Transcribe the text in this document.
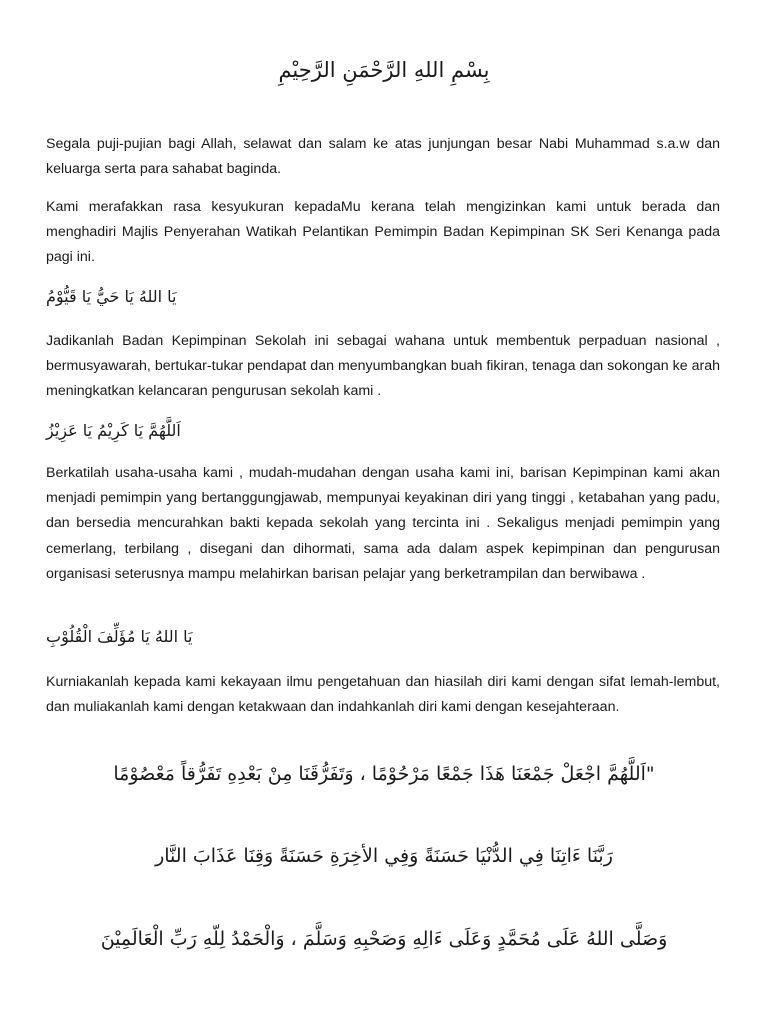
بِسْمِ اللهِ الرَّحْمَنِ الرَّحِيْمِ

Segala puji-pujian bagi Allah, selawat dan salam ke atas junjungan besar Nabi Muhammad s.a.w dan keluarga serta para sahabat baginda.

Kami merafakkan rasa kesyukuran kepadaMu kerana telah mengizinkan kami untuk berada dan menghadiri Majlis Penyerahan Watikah Pelantikan Pemimpin Badan Kepimpinan SK Seri Kenanga pada pagi ini.

يَا اللهُ يَا حَيُّ يَا قَيُّوْمُ

Jadikanlah Badan Kepimpinan Sekolah ini sebagai wahana untuk membentuk perpaduan nasional , bermusyawarah, bertukar-tukar pendapat dan menyumbangkan buah fikiran, tenaga dan sokongan ke arah meningkatkan kelancaran pengurusan sekolah kami .

اَللَّهُمَّ يَا كَرِيْمُ يَا عَزِيْزُ

Berkatilah usaha-usaha kami , mudah-mudahan dengan usaha kami ini, barisan Kepimpinan kami akan menjadi pemimpin yang bertanggungjawab, mempunyai keyakinan diri yang tinggi , ketabahan yang padu, dan bersedia mencurahkan bakti kepada sekolah yang tercinta ini . Sekaligus menjadi pemimpin yang cemerlang, terbilang , disegani dan dihormati, sama ada dalam aspek kepimpinan dan pengurusan organisasi seterusnya mampu melahirkan barisan pelajar yang berketrampilan dan berwibawa .

يَا اللهُ يَا مُؤَلِّفَ الْقُلُوْبِ

Kurniakanlah kepada kami kekayaan ilmu pengetahuan dan hiasilah diri kami dengan sifat lemah-lembut, dan muliakanlah kami dengan ketakwaan dan indahkanlah diri kami dengan kesejahteraan.

"اَللَّهُمَّ اجْعَلْ جَمْعَنَا هَذَا جَمْعًا مَرْحُوْمًا ، وَتَفَرُّقَنَا مِنْ بَعْدِهِ تَفَرُّقاً مَعْصُوْمًا
رَبَّنَا ءَاتِنَا فِي الدُّنْيَا حَسَنَةً وَفِي الأخِرَةِ حَسَنَةً وَقِنَا عَذَابَ النَّار
وَصَلَّى اللهُ عَلَى مُحَمَّدٍ وَعَلَى ءَالِهِ وَصَحْبِهِ وَسَلَّمَ ، وَالْحَمْدُ لِلّهِ رَبِّ الْعَالَمِيْنَ
